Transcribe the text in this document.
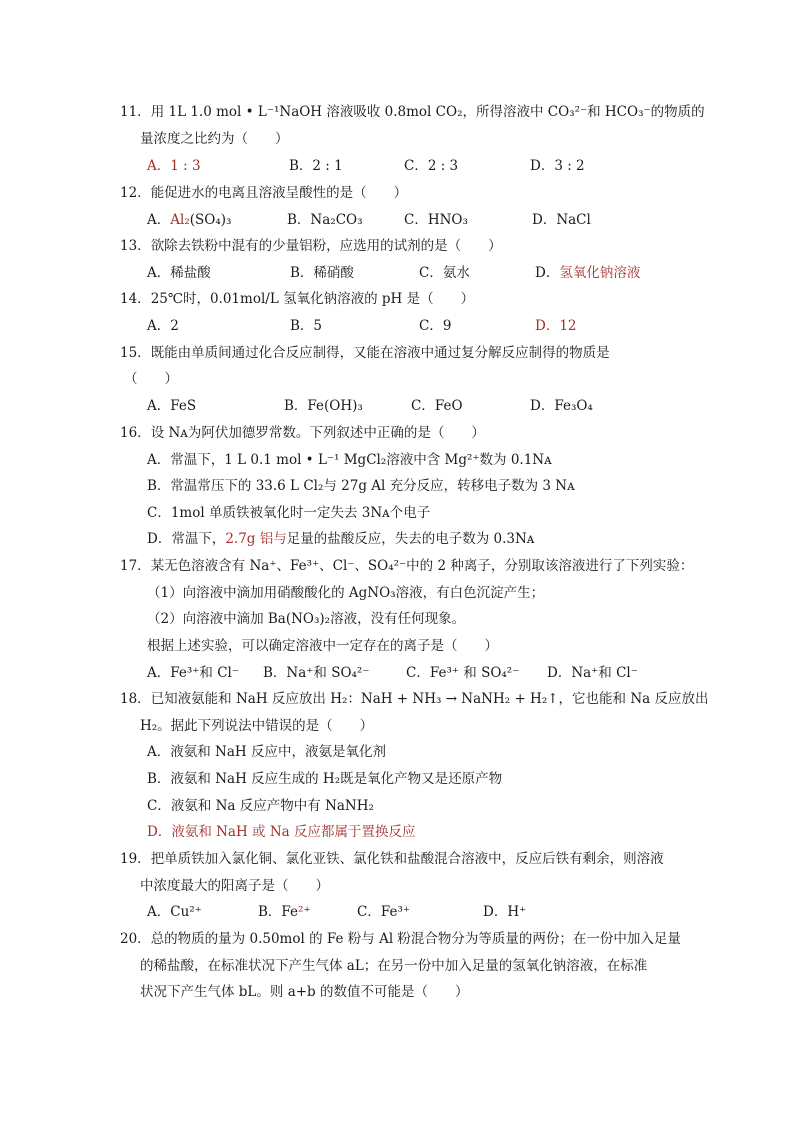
11．用 1L 1.0 mol • L⁻¹NaOH 溶液吸收 0.8mol CO₂，所得溶液中 CO₃²⁻和 HCO₃⁻的物质的
量浓度之比约为（　　）
A．1 : 3	B．2 : 1	C．2 : 3	D．3 : 2
12．能促进水的电离且溶液呈酸性的是（　　）
A．Al₂(SO₄)₃	B．Na₂CO₃	C．HNO₃	D．NaCl
13．欲除去铁粉中混有的少量铝粉，应选用的试剂的是（　　）
A．稀盐酸	B．稀硝酸	C．氨水	D．氢氧化钠溶液
14．25℃时，0.01mol/L 氢氧化钠溶液的 pH 是（　　）
A．2	B．5	C．9	D．12
15．既能由单质间通过化合反应制得，又能在溶液中通过复分解反应制得的物质是
（　　）
A．FeS	B．Fe(OH)₃	C．FeO	D．Fe₃O₄
16．设 Nᴀ为阿伏加德罗常数。下列叙述中正确的是（　　）
A．常温下，1 L 0.1 mol • L⁻¹ MgCl₂溶液中含 Mg²⁺数为 0.1Nᴀ
B．常温常压下的 33.6 L Cl₂与 27g Al 充分反应，转移电子数为 3 Nᴀ
C．1mol 单质铁被氧化时一定失去 3Nᴀ个电子
D．常温下，2.7g 铝与足量的盐酸反应，失去的电子数为 0.3Nᴀ
17．某无色溶液含有 Na⁺、Fe³⁺、Cl⁻、SO₄²⁻中的 2 种离子，分别取该溶液进行了下列实验：
（1）向溶液中滴加用硝酸酸化的 AgNO₃溶液，有白色沉淀产生；
（2）向溶液中滴加 Ba(NO₃)₂溶液，没有任何现象。
根据上述实验，可以确定溶液中一定存在的离子是（　　）
A．Fe³⁺和 Cl⁻ B．Na⁺和 SO₄²⁻	C．Fe³⁺ 和 SO₄²⁻ D．Na⁺和 Cl⁻
18．已知液氨能和 NaH 反应放出 H₂：NaH + NH₃ → NaNH₂ + H₂↑，它也能和 Na 反应放出
H₂。据此下列说法中错误的是（　　）
A．液氨和 NaH 反应中，液氨是氧化剂
B．液氨和 NaH 反应生成的 H₂既是氧化产物又是还原产物
C．液氨和 Na 反应产物中有 NaNH₂
D．液氨和 NaH 或 Na 反应都属于置换反应
19．把单质铁加入氯化铜、氯化亚铁、氯化铁和盐酸混合溶液中，反应后铁有剩余，则溶液
中浓度最大的阳离子是（　　）
A．Cu²⁺	B．Fe²⁺	C．Fe³⁺	D．H⁺
20．总的物质的量为 0.50mol 的 Fe 粉与 Al 粉混合物分为等质量的两份；在一份中加入足量
的稀盐酸，在标准状况下产生气体 aL；在另一份中加入足量的氢氧化钠溶液，在标准
状况下产生气体 bL。则 a+b 的数值不可能是（　　）
